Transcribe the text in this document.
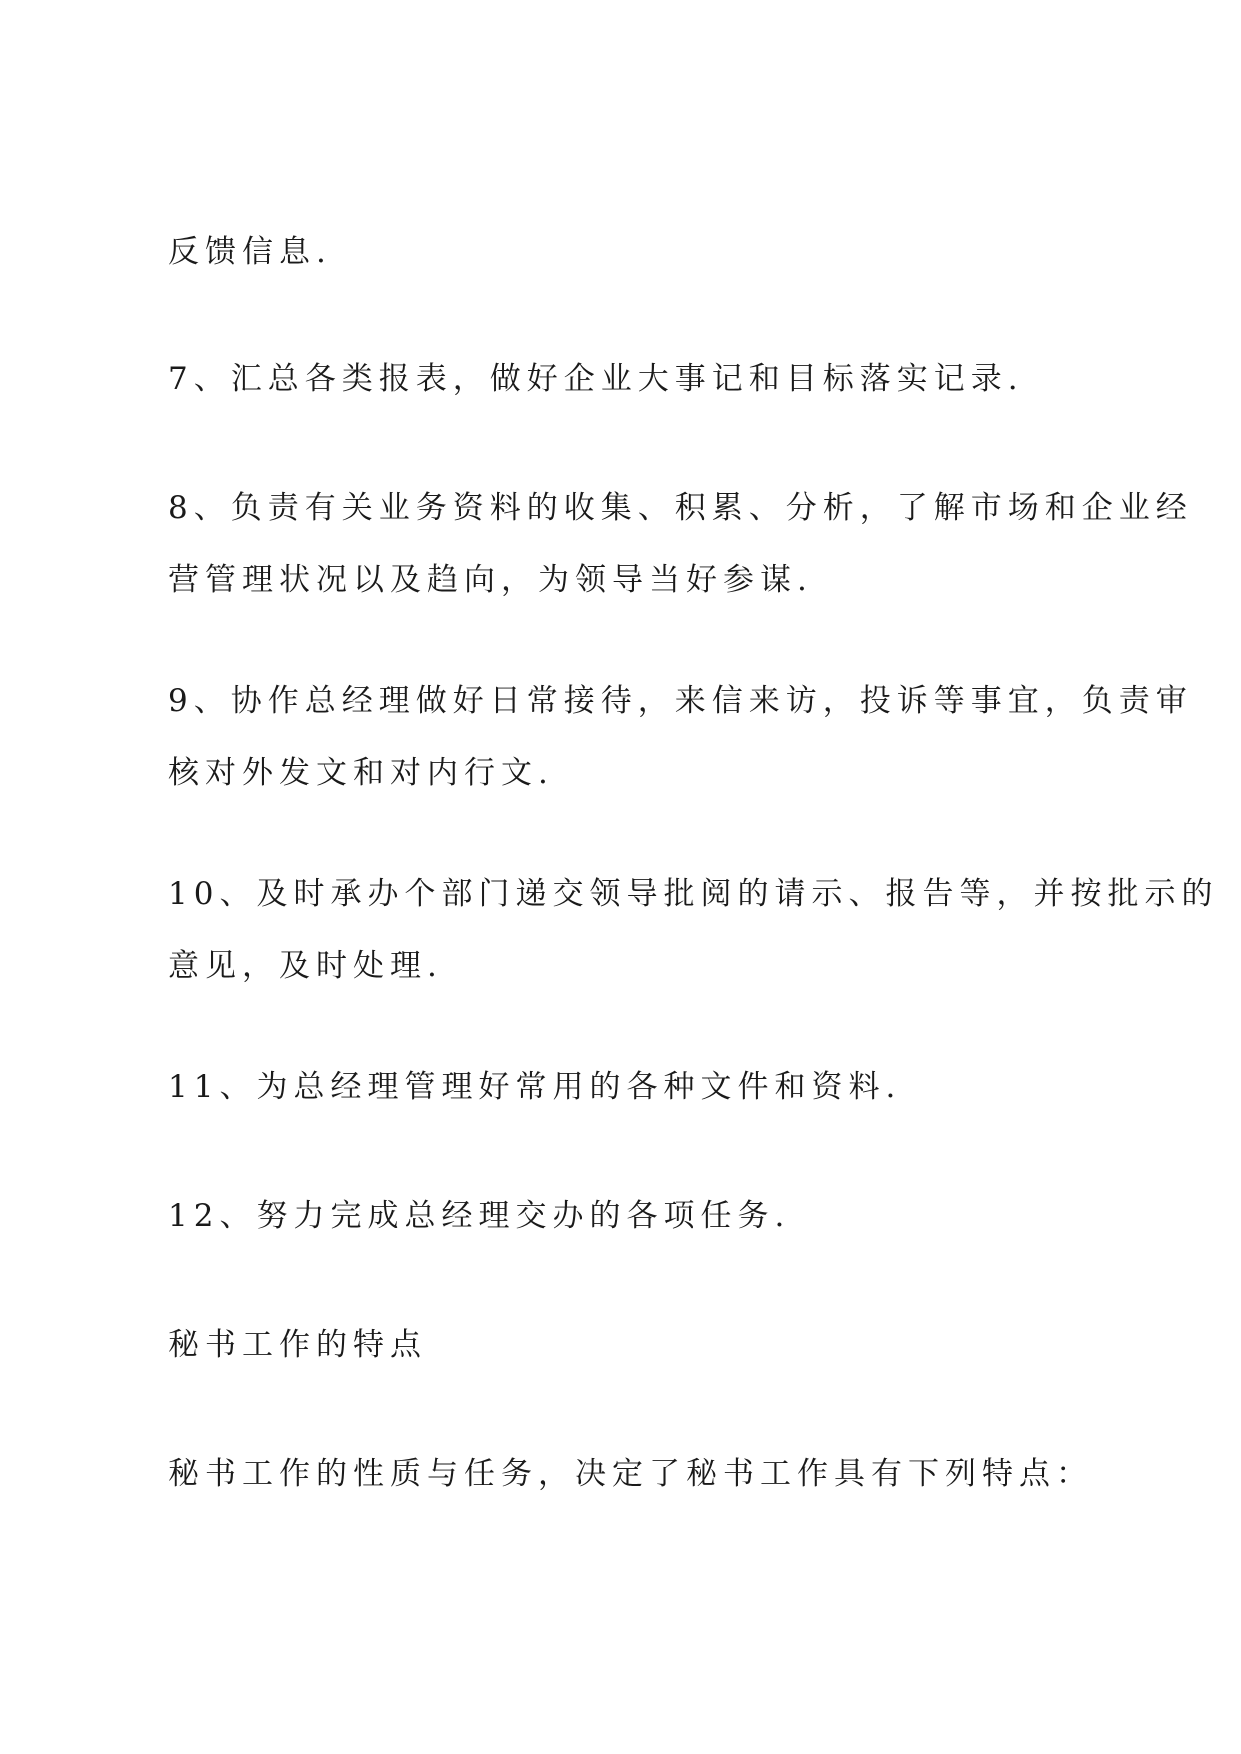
反馈信息.
7、汇总各类报表，做好企业大事记和目标落实记录.
8、负责有关业务资料的收集、积累、分析，了解市场和企业经
营管理状况以及趋向，为领导当好参谋.
9、协作总经理做好日常接待，来信来访，投诉等事宜，负责审
核对外发文和对内行文.
10、及时承办个部门递交领导批阅的请示、报告等，并按批示的
意见，及时处理.
11、为总经理管理好常用的各种文件和资料.
12、努力完成总经理交办的各项任务.
秘书工作的特点
秘书工作的性质与任务，决定了秘书工作具有下列特点：
